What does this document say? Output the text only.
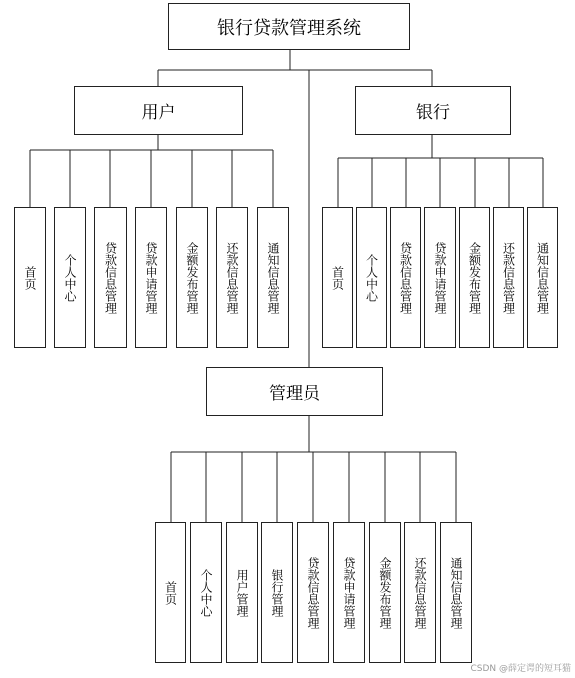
银行贷款管理系统
用户	银行
管理员
首页 个人中心 贷款信息管理 贷款申请管理 金额发布管理 还款信息管理 通知信息管理	首页 个人中心 贷款信息管理 贷款申请管理 金额发布管理 还款信息管理 通知信息管理
首页 个人中心 用户管理 银行管理 贷款信息管理 贷款申请管理 金额发布管理 还款信息管理 通知信息管理
CSDN @薛定谔的短耳猫
